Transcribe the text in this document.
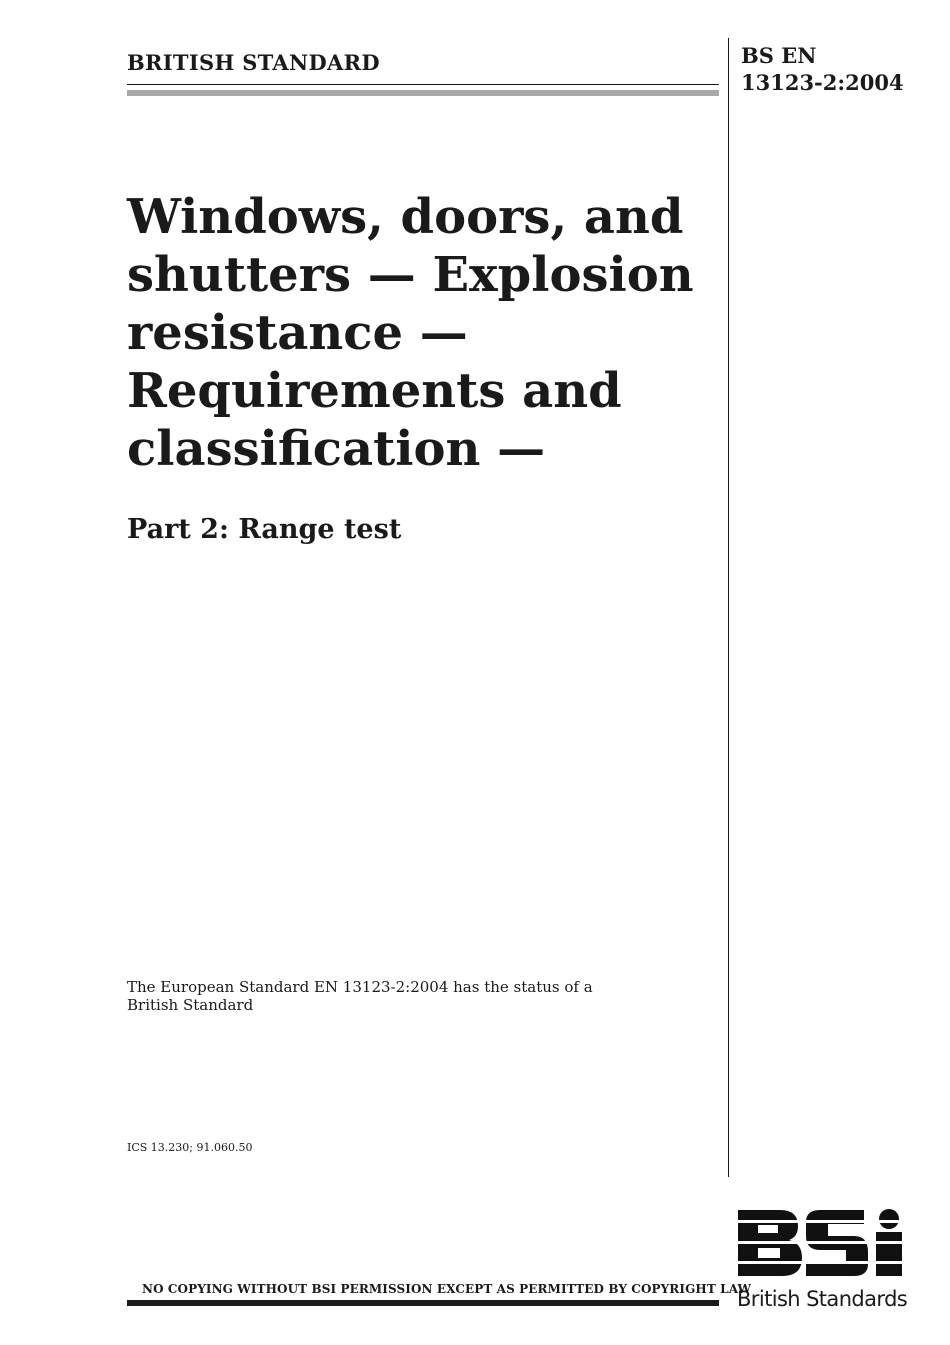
BRITISH STANDARD	BS EN
13123-2:2004
Windows, doors, and
shutters — Explosion
resistance —
Requirements and
classification —
Part 2: Range test
The European Standard EN 13123-2:2004 has the status of a
British Standard
ICS 13.230; 91.060.50
NO COPYING WITHOUT BSI PERMISSION EXCEPT AS PERMITTED BY COPYRIGHT LAW
British Standards
